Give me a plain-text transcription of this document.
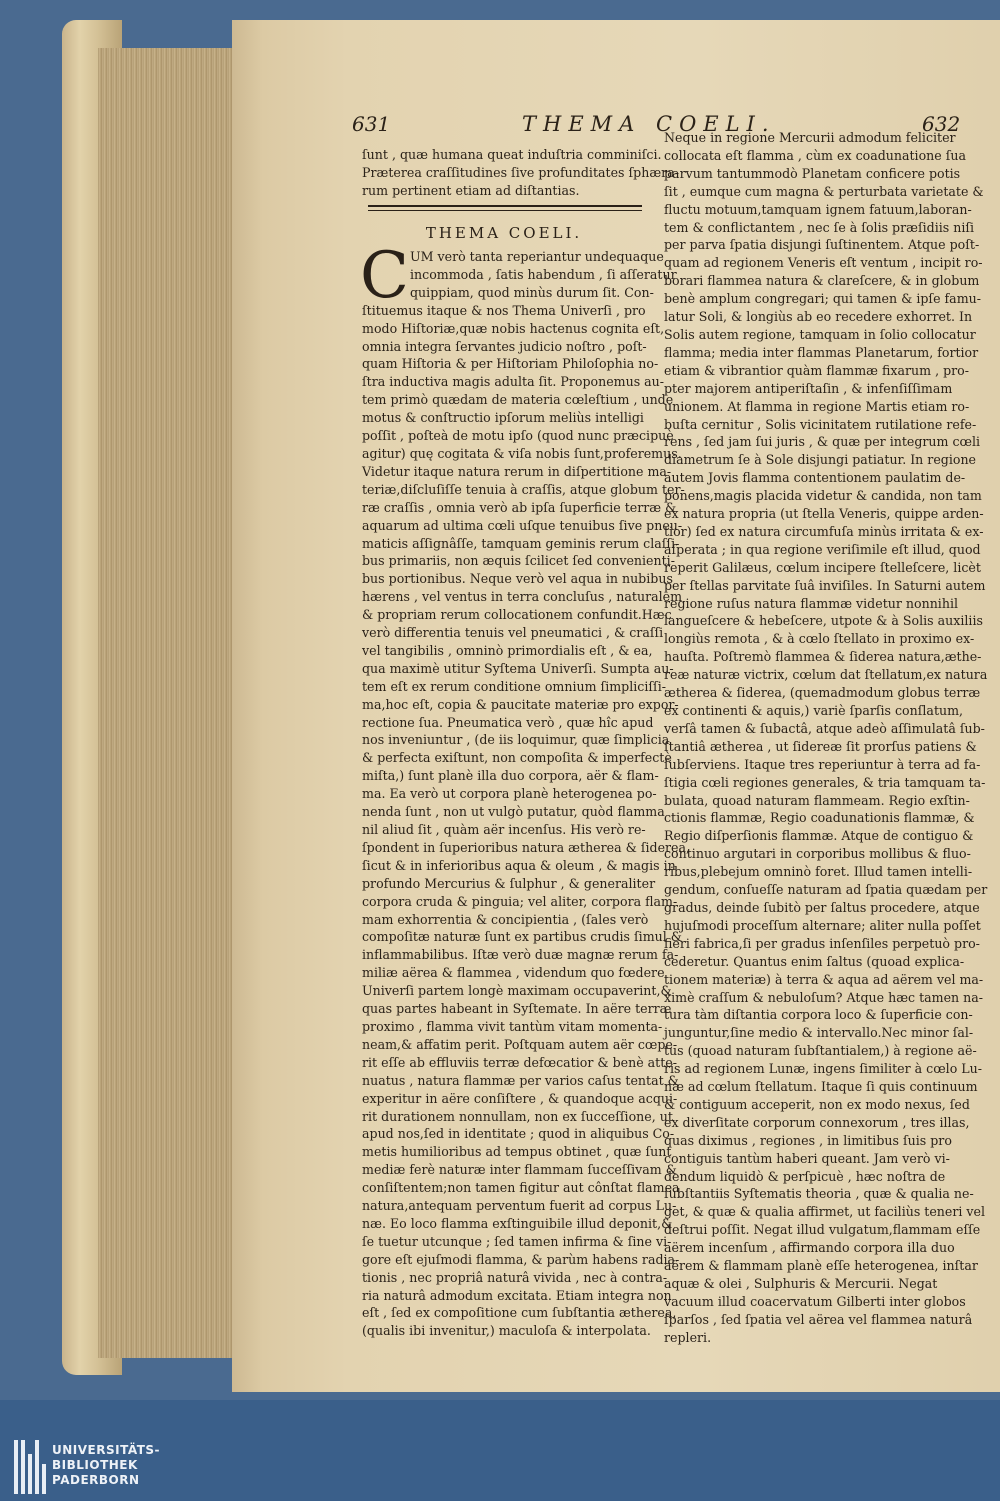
631	THEMA COELI.	632

ſunt , quæ humana queat induſtria comminiſci.

Præterea craſſitudines ſive profunditates ſphæra-

rum pertinent etiam ad diſtantias.

THEMA COELI.
C UM verò tanta reperiantur undequaque

incommoda , ſatis habendum , ſi aſſeratur

quippiam, quod minùs durum ſit. Con-

ſtituemus itaque & nos Thema Univerſi , pro

modo Hiſtoriæ,quæ nobis hactenus cognita eſt,

omnia integra ſervantes judicio noſtro , poſt-

quam Hiſtoria & per Hiſtoriam Philoſophia no-

ſtra inductiva magis adulta ſit. Proponemus au-

tem primò quædam de materia cœleſtium , unde

motus & conſtructio ipſorum meliùs intelligi

poſſit , poſteà de motu ipſo (quod nunc præcipuè

agitur) quę cogitata & viſa nobis ſunt,proferemus.

Videtur itaque natura rerum in diſpertitione ma-

teriæ,diſcluſiſſe tenuia à craſſis, atque globum ter-

ræ craſſis , omnia verò ab ipſa ſuperficie terræ &

aquarum ad ultima cœli uſque tenuibus ſive pneu-

maticis aſſignâſſe, tamquam geminis rerum claſſi-

bus primariis, non æquis ſcilicet ſed convenienti-

bus portionibus. Neque verò vel aqua in nubibus

hærens , vel ventus in terra concluſus , naturalem

& propriam rerum collocationem confundit.Hæc

verò differentia tenuis vel pneumatici , & craſſi

vel tangibilis , omninò primordialis eſt , & ea,

qua maximè utitur Syſtema Univerſi. Sumpta au-

tem eſt ex rerum conditione omnium ſimpliciſſi-

ma,hoc eſt, copia & paucitate materiæ pro expor-

rectione ſua. Pneumatica verò , quæ hîc apud

nos inveniuntur , (de iis loquimur, quæ ſimplicia

& perfecta exiſtunt, non compoſita & imperfectè

miſta,) ſunt planè illa duo corpora, aër & flam-

ma. Ea verò ut corpora planè heterogenea po-

nenda ſunt , non ut vulgò putatur, quòd flamma

nil aliud ſit , quàm aër incenſus. His verò re-

ſpondent in ſuperioribus natura ætherea & ſiderea,

ſicut & in inferioribus aqua & oleum , & magis in

profundo Mercurius & ſulphur , & generaliter

corpora cruda & pinguia; vel aliter, corpora flam-

mam exhorrentia & concipientia , (ſales verò

compoſitæ naturæ ſunt ex partibus crudis ſimul &

inflammabilibus. Iſtæ verò duæ magnæ rerum fa-

miliæ aërea & flammea , videndum quo fœdere

Univerſi partem longè maximam occupaverint,&

quas partes habeant in Syſtemate. In aëre terræ

proximo , flamma vivit tantùm vitam momenta-

neam,& affatim perit. Poſtquam autem aër cœpe-

rit eſſe ab effluviis terræ defœcatior & benè atte-

nuatus , natura flammæ per varios caſus tentat &

experitur in aëre conſiſtere , & quandoque acqui-

rit durationem nonnullam, non ex ſucceſſione, ut

apud nos,ſed in identitate ; quod in aliquibus Co-

metis humilioribus ad tempus obtinet , quæ ſunt

mediæ ferè naturæ inter flammam ſucceſſivam &

conſiſtentem;non tamen figitur aut cônſtat flamea

natura,antequam perventum fuerit ad corpus Lu-

næ. Eo loco flamma exſtinguibile illud deponit,&

ſe tuetur utcunque ; ſed tamen infirma & ſine vi-

gore eſt ejuſmodi flamma, & parùm habens radia-

tionis , nec propriâ naturâ vivida , nec à contra-

ria naturâ admodum excitata. Etiam integra non

eſt , ſed ex compoſitione cum ſubſtantia ætherea,

(qualis ibi invenitur,) maculoſa & interpolata.

Neque in regione Mercurii admodum feliciter

collocata eſt flamma , cùm ex coadunatione ſua

parvum tantummodò Planetam conficere potis

ſit , eumque cum magna & perturbata varietate &

fluctu motuum,tamquam ignem fatuum,laboran-

tem & conflictantem , nec ſe à ſolis præſidiis niſi

per parva ſpatia disjungi ſuſtinentem. Atque poſt-

quam ad regionem Veneris eſt ventum , incipit ro-

borari flammea natura & clareſcere, & in globum

benè amplum congregari; qui tamen & ipſe famu-

latur Soli, & longiùs ab eo recedere exhorret. In

Solis autem regione, tamquam in ſolio collocatur

flamma; media inter flammas Planetarum, fortior

etiam & vibrantior quàm flammæ fixarum , pro-

pter majorem antiperiſtaſin , & infenſiſſimam

unionem. At flamma in regione Martis etiam ro-

buſta cernitur , Solis vicinitatem rutilatione refe-

rens , ſed jam ſui juris , & quæ per integrum cœli

diametrum ſe à Sole disjungi patiatur. In regione

autem Jovis flamma contentionem paulatim de-

ponens,magis placida videtur & candida, non tam

ex natura propria (ut ſtella Veneris, quippe arden-

tior) ſed ex natura circumfuſa minùs irritata & ex-

aſperata ; in qua regione veriſimile eſt illud, quod

reperit Galilæus, cœlum incipere ſtelleſcere, licèt

per ſtellas parvitate ſuâ inviſiles. In Saturni autem

regione ruſus natura flammæ videtur nonnihil

langueſcere & hebeſcere, utpote & à Solis auxiliis

longiùs remota , & à cœlo ſtellato in proximo ex-

hauſta. Poſtremò flammea & ſiderea natura,æthe-

reæ naturæ victrix, cœlum dat ſtellatum,ex natura

ætherea & ſiderea, (quemadmodum globus terræ

ex continenti & aquis,) variè ſparſis conſlatum,

verſâ tamen & ſubactâ, atque adeò aſſimulatâ ſub-

ſtantiâ ætherea , ut ſidereæ ſit prorſus patiens &

ſubſerviens. Itaque tres reperiuntur à terra ad fa-

ſtigia cœli regiones generales, & tria tamquam ta-

bulata, quoad naturam flammeam. Regio exſtin-

ctionis flammæ, Regio coadunationis flammæ, &

Regio diſperſionis flammæ. Atque de contiguo &

continuo argutari in corporibus mollibus & fluo-

ribus,plebejum omninò foret. Illud tamen intelli-

gendum, conſueſſe naturam ad ſpatia quædam per

gradus, deinde ſubitò per ſaltus procedere, atque

hujuſmodi proceſſum alternare; aliter nulla poſſet

fieri fabrica,ſi per gradus inſenſiles perpetuò pro-

cederetur. Quantus enim ſaltus (quoad explica-

tionem materiæ) à terra & aqua ad aërem vel ma-

ximè craſſum & nebuloſum? Atque hæc tamen na-

tura tàm diſtantia corpora loco & ſuperficie con-

junguntur,ſine medio & intervallo.Nec minor ſal-

tus (quoad naturam ſubſtantialem,) à regione aë-

ris ad regionem Lunæ, ingens ſimiliter à cœlo Lu-

næ ad cœlum ſtellatum. Itaque ſi quis continuum

& contiguum acceperit, non ex modo nexus, ſed

ex diverſitate corporum connexorum , tres illas,

quas diximus , regiones , in limitibus ſuis pro

contiguis tantùm haberi queant. Jam verò vi-

dendum liquidò & perſpicuè , hæc noſtra de

ſubſtantiis Syſtematis theoria , quæ & qualia ne-

get, & quæ & qualia affirmet, ut faciliùs teneri vel

deſtrui poſſit. Negat illud vulgatum,flammam eſſe

aërem incenſum , affirmando corpora illa duo

aërem & flammam planè eſſe heterogenea, inſtar

aquæ & olei , Sulphuris & Mercurii. Negat

vacuum illud coacervatum Gilberti inter globos

ſparſos , ſed ſpatia vel aërea vel flammea naturâ

repleri.

UNIVERSITÄTS-
BIBLIOTHEK
PADERBORN
